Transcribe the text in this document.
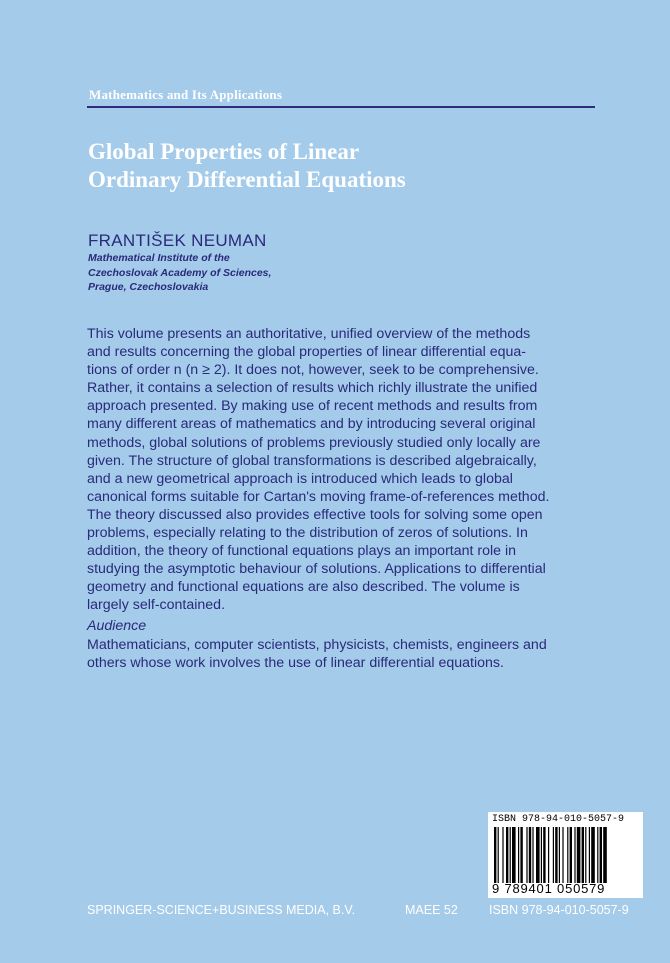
Mathematics and Its Applications
Global Properties of Linear
Ordinary Differential Equations
FRANTIŠEK NEUMAN
Mathematical Institute of the
Czechoslovak Academy of Sciences,
Prague, Czechoslovakia
This volume presents an authoritative, unified overview of the methods
and results concerning the global properties of linear differential equa-
tions of order n (n ≥ 2). It does not, however, seek to be comprehensive.
Rather, it contains a selection of results which richly illustrate the unified
approach presented. By making use of recent methods and results from
many different areas of mathematics and by introducing several original
methods, global solutions of problems previously studied only locally are
given. The structure of global transformations is described algebraically,
and a new geometrical approach is introduced which leads to global
canonical forms suitable for Cartan's moving frame-of-references method.
The theory discussed also provides effective tools for solving some open
problems, especially relating to the distribution of zeros of solutions. In
addition, the theory of functional equations plays an important role in
studying the asymptotic behaviour of solutions. Applications to differential
geometry and functional equations are also described. The volume is
largely self-contained.
Audience
Mathematicians, computer scientists, physicists, chemists, engineers and
others whose work involves the use of linear differential equations.
ISBN 978-94-010-5057-9
9 789401 050579
SPRINGER-SCIENCE+BUSINESS MEDIA, B.V.	MAEE 52 ISBN 978-94-010-5057-9
